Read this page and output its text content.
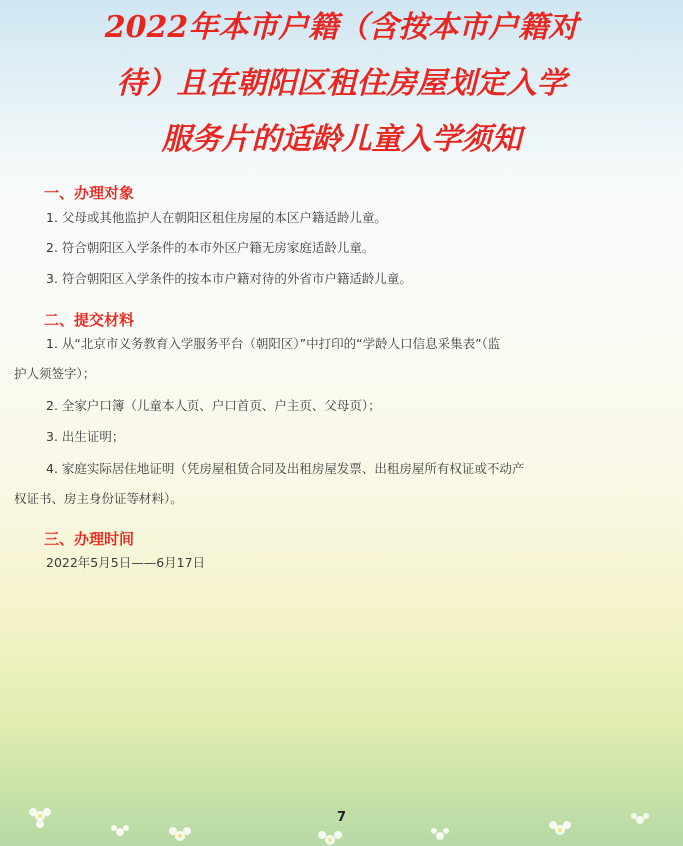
2022年本市户籍（含按本市户籍对
待）且在朝阳区租住房屋划定入学
服务片的适龄儿童入学须知
一、办理对象
1. 父母或其他监护人在朝阳区租住房屋的本区户籍适龄儿童。
2. 符合朝阳区入学条件的本市外区户籍无房家庭适龄儿童。
3. 符合朝阳区入学条件的按本市户籍对待的外省市户籍适龄儿童。
二、提交材料
1. 从“北京市义务教育入学服务平台（朝阳区）”中打印的“学龄人口信息采集表”（监
护人须签字）；
2. 全家户口簿（儿童本人页、户口首页、户主页、父母页）；
3. 出生证明；
4. 家庭实际居住地证明（凭房屋租赁合同及出租房屋发票、出租房屋所有权证或不动产
权证书、房主身份证等材料）。
三、办理时间
2022年5月5日——6月17日
7
